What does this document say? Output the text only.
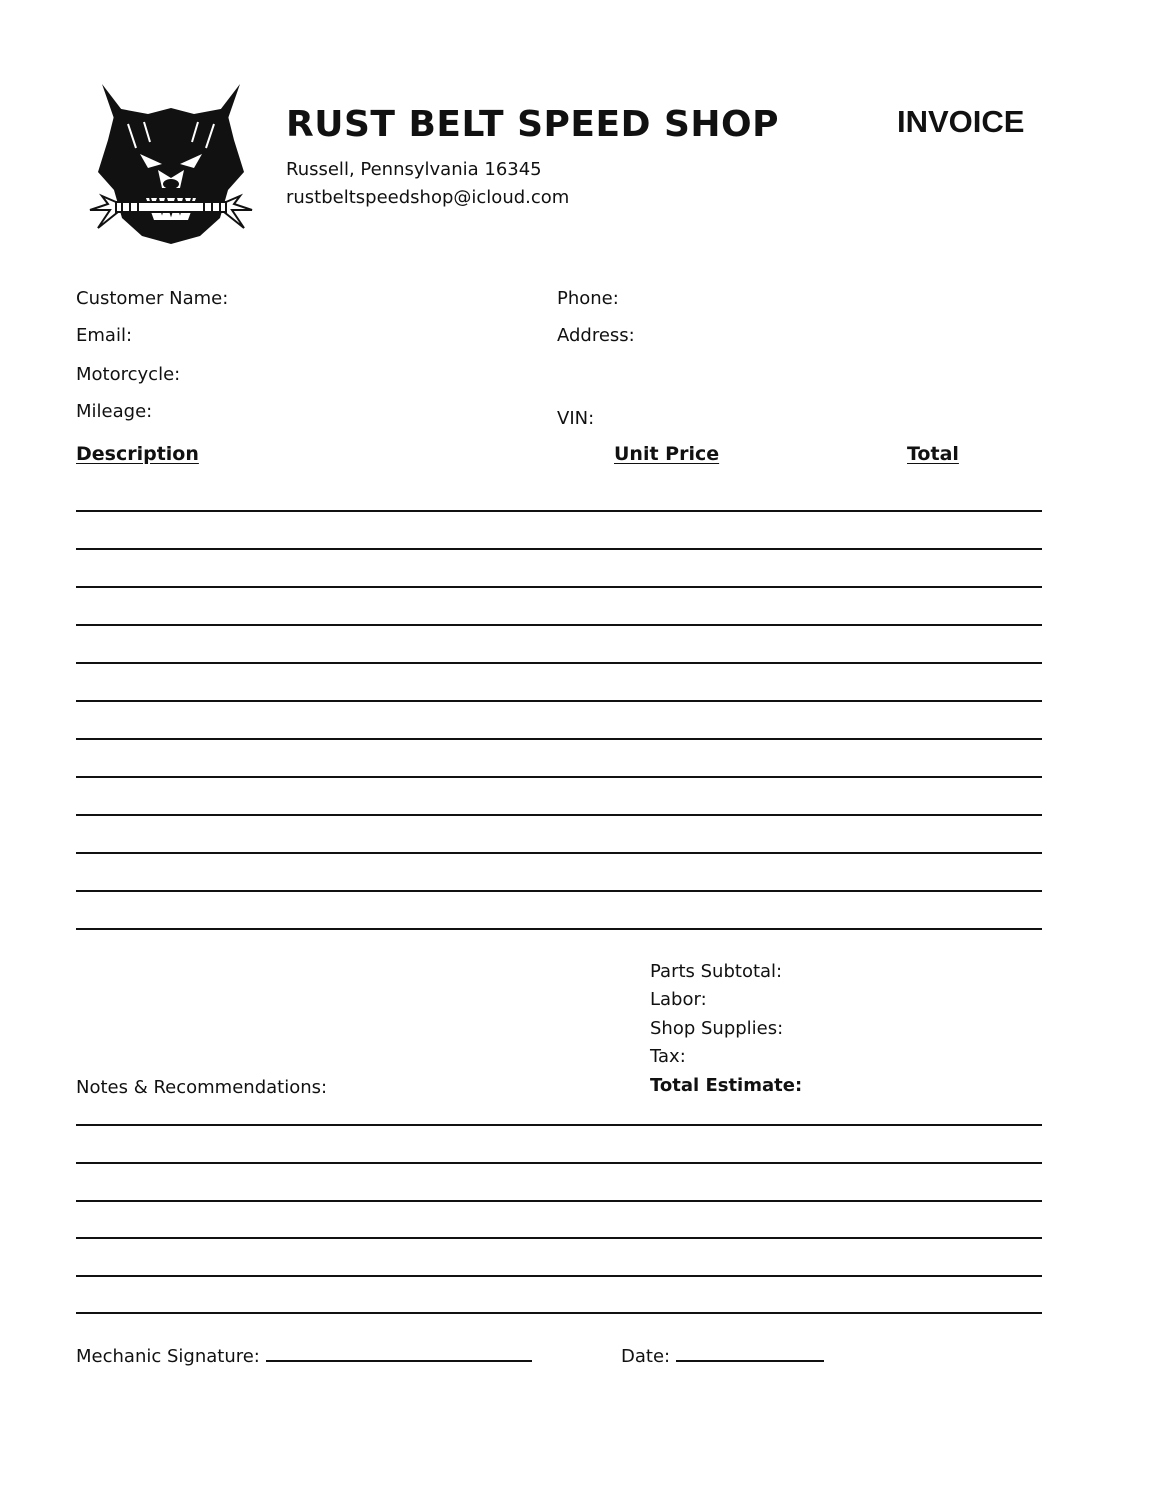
RUST BELT SPEED SHOP
Russell, Pennsylvania 16345
rustbeltspeedshop@icloud.com
INVOICE
Customer Name:
Email:
Motorcycle:
Mileage:
Phone:
Address:
VIN:
Description	Unit Price	Total
Parts Subtotal:
Labor:
Shop Supplies:
Tax:
Total Estimate:
Notes & Recommendations:
Mechanic Signature:	Date:
